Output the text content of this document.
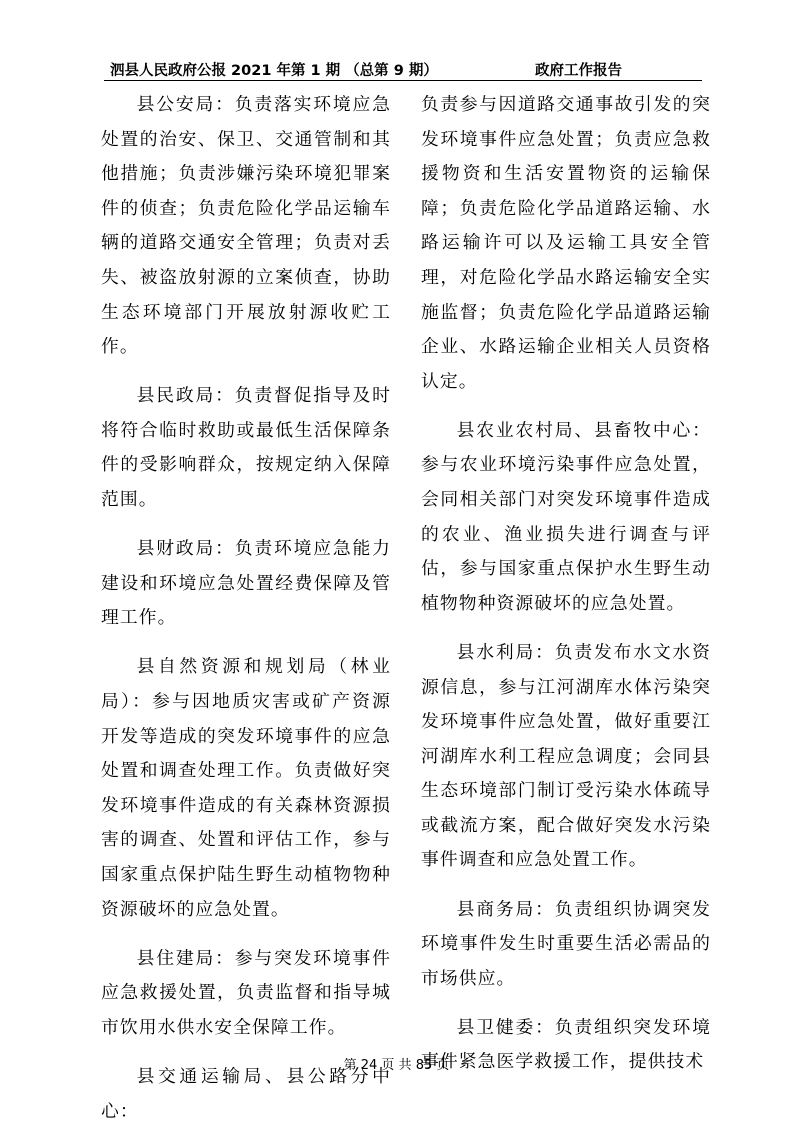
泗县人民政府公报 2021 年第 1 期 （总第 9 期）	政府工作报告

县公安局：负责落实环境应急处置的治安、保卫、交通管制和其他措施；负责涉嫌污染环境犯罪案件的侦查；负责危险化学品运输车辆的道路交通安全管理；负责对丢失、被盗放射源的立案侦查，协助生态环境部门开展放射源收贮工作。

县民政局：负责督促指导及时将符合临时救助或最低生活保障条件的受影响群众，按规定纳入保障范围。

县财政局：负责环境应急能力建设和环境应急处置经费保障及管理工作。

县自然资源和规划局（林业局）：参与因地质灾害或矿产资源开发等造成的突发环境事件的应急处置和调查处理工作。负责做好突发环境事件造成的有关森林资源损害的调查、处置和评估工作，参与国家重点保护陆生野生动植物物种资源破坏的应急处置。

县住建局：参与突发环境事件应急救援处置，负责监督和指导城市饮用水供水安全保障工作。

县交通运输局、县公路分中心：

负责参与因道路交通事故引发的突发环境事件应急处置；负责应急救援物资和生活安置物资的运输保障；负责危险化学品道路运输、水路运输许可以及运输工具安全管理，对危险化学品水路运输安全实施监督；负责危险化学品道路运输企业、水路运输企业相关人员资格认定。

县农业农村局、县畜牧中心：参与农业环境污染事件应急处置，会同相关部门对突发环境事件造成的农业、渔业损失进行调查与评估，参与国家重点保护水生野生动植物物种资源破坏的应急处置。

县水利局：负责发布水文水资源信息，参与江河湖库水体污染突发环境事件应急处置，做好重要江河湖库水利工程应急调度；会同县生态环境部门制订受污染水体疏导或截流方案，配合做好突发水污染事件调查和应急处置工作。

县商务局：负责组织协调突发环境事件发生时重要生活必需品的市场供应。

县卫健委：负责组织突发环境事件紧急医学救援工作，提供技术

第 24 页 共 85 页
